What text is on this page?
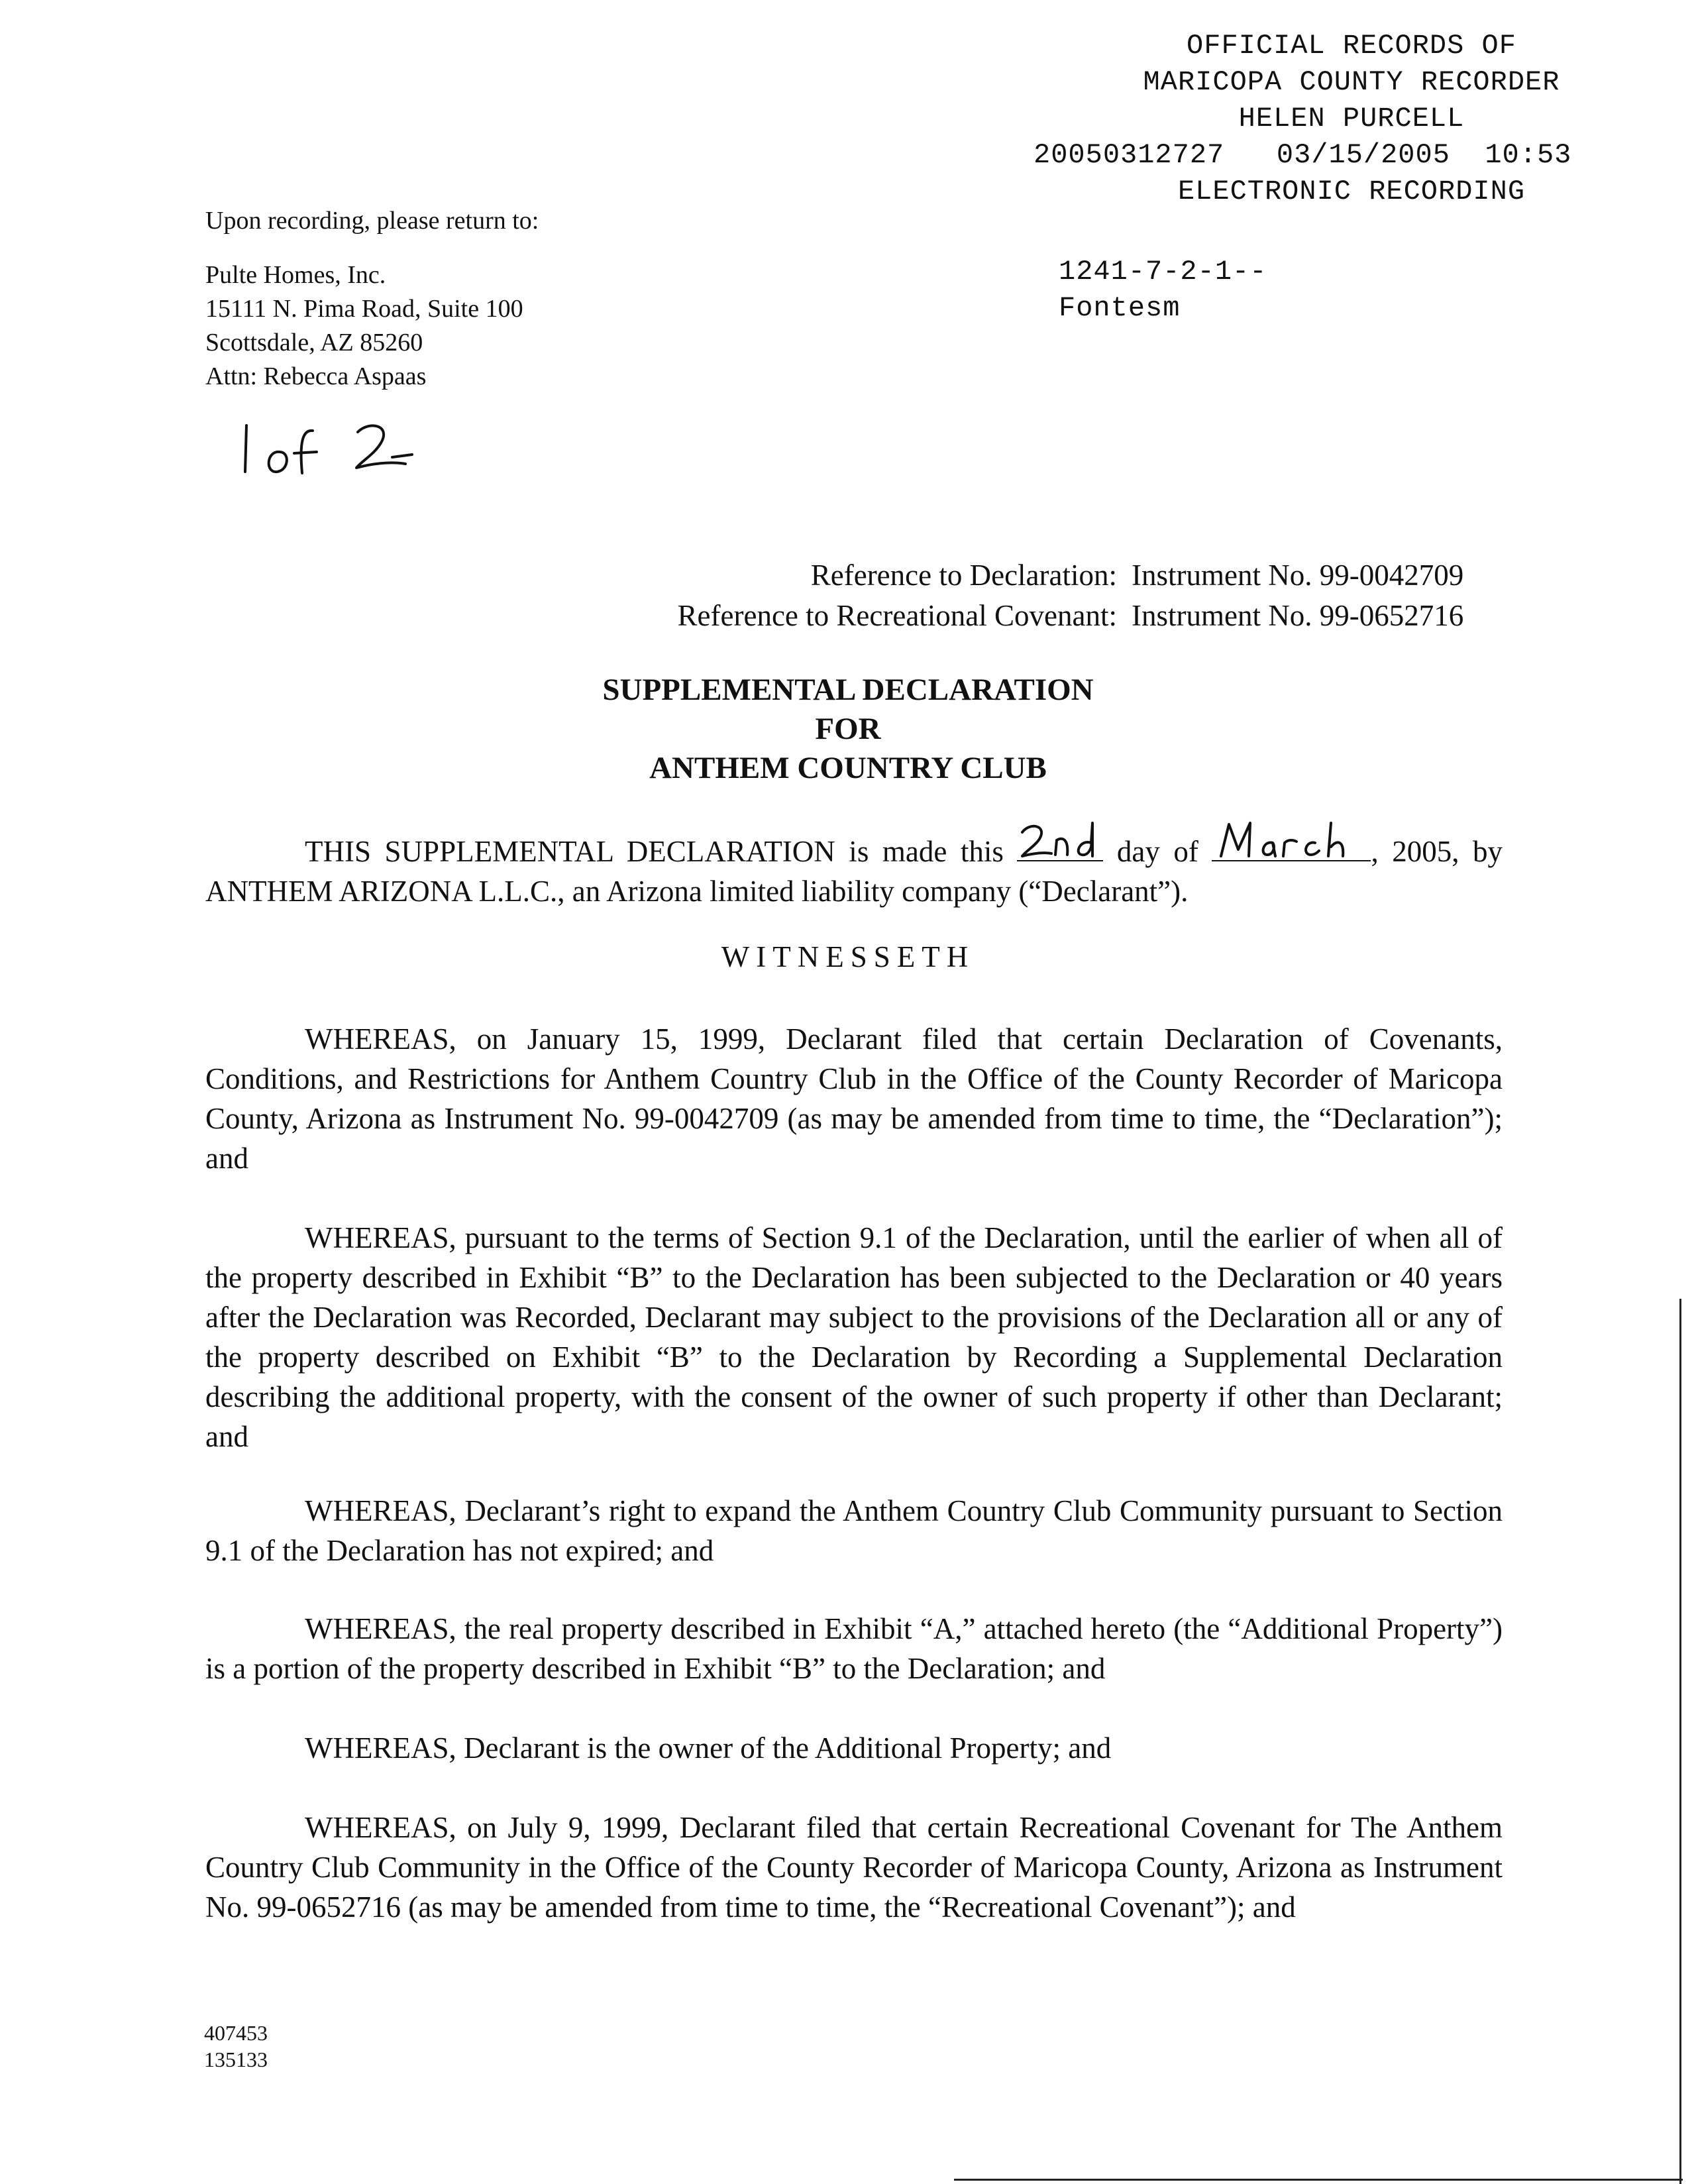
OFFICIAL RECORDS OF
MARICOPA COUNTY RECORDER
HELEN PURCELL
20050312727 03/15/2005 10:53
ELECTRONIC RECORDING
1241-7-2-1--
Fontesm
Upon recording, please return to:
Pulte Homes, Inc.
15111 N. Pima Road, Suite 100
Scottsdale, AZ 85260
Attn: Rebecca Aspaas
Reference to Declaration: Instrument No. 99-0042709
Reference to Recreational Covenant: Instrument No. 99-0652716
SUPPLEMENTAL DECLARATION
FOR
ANTHEM COUNTRY CLUB
THIS SUPPLEMENTAL DECLARATION is made this	day of	, 2005, by ANTHEM ARIZONA L.L.C., an Arizona limited liability company (“Declarant”).
WITNESSETH
WHEREAS, on January 15, 1999, Declarant filed that certain Declaration of Covenants, Conditions, and Restrictions for Anthem Country Club in the Office of the County Recorder of Maricopa County, Arizona as Instrument No. 99-0042709 (as may be amended from time to time, the “Declaration”); and
WHEREAS, pursuant to the terms of Section 9.1 of the Declaration, until the earlier of when all of the property described in Exhibit “B” to the Declaration has been subjected to the Declaration or 40 years after the Declaration was Recorded, Declarant may subject to the provisions of the Declaration all or any of the property described on Exhibit “B” to the Declaration by Recording a Supplemental Declaration describing the additional property, with the consent of the owner of such property if other than Declarant; and
WHEREAS, Declarant’s right to expand the Anthem Country Club Community pursuant to Section 9.1 of the Declaration has not expired; and
WHEREAS, the real property described in Exhibit “A,” attached hereto (the “Additional Property”) is a portion of the property described in Exhibit “B” to the Declaration; and
WHEREAS, Declarant is the owner of the Additional Property; and
WHEREAS, on July 9, 1999, Declarant filed that certain Recreational Covenant for The Anthem Country Club Community in the Office of the County Recorder of Maricopa County, Arizona as Instrument No. 99-0652716 (as may be amended from time to time, the “Recreational Covenant”); and
407453
135133
